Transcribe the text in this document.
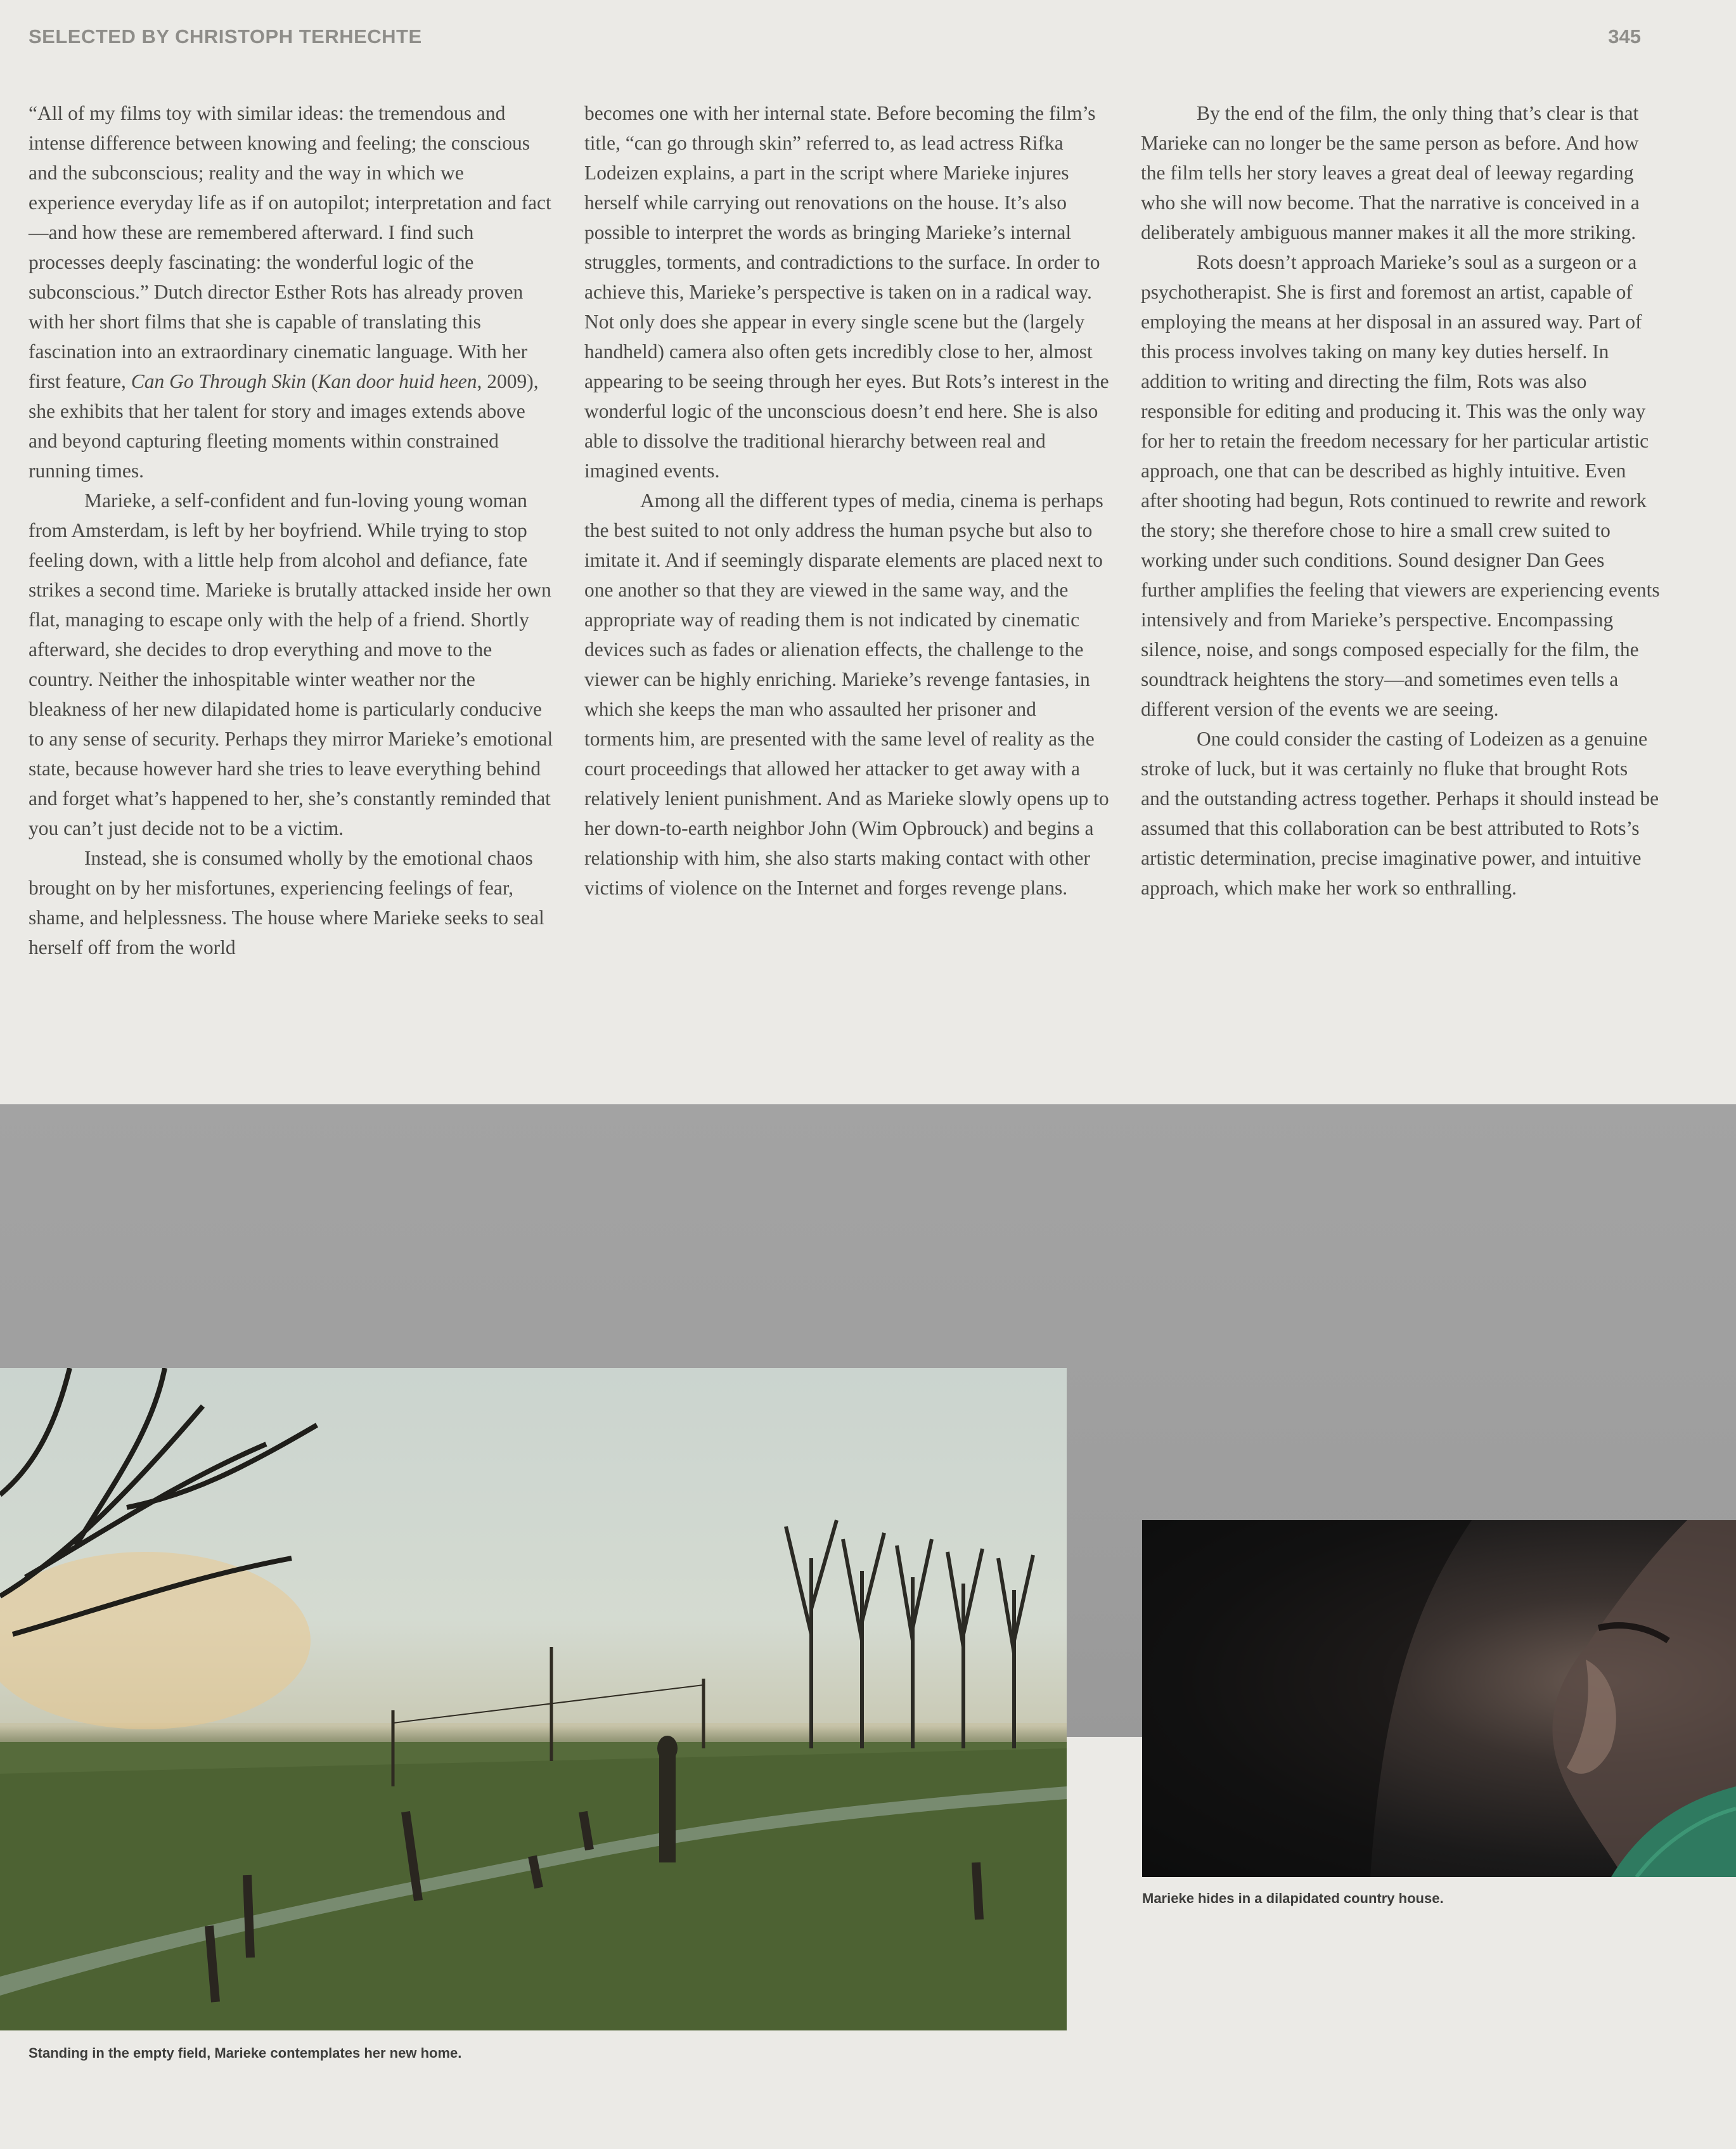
SELECTED BY CHRISTOPH TERHECHTE	345

“All of my films toy with similar ideas: the tremendous and intense difference between knowing and feeling; the conscious and the subconscious; reality and the way in which we experience everyday life as if on autopilot; interpretation and fact—and how these are remembered afterward. I find such processes deeply fascinating: the wonderful logic of the subconscious.” Dutch director Esther Rots has already proven with her short films that she is capable of translating this fascination into an extraordinary cinematic language. With her first feature, Can Go Through Skin (Kan door huid heen, 2009), she exhibits that her talent for story and images extends above and beyond capturing fleeting moments within constrained running times.

Marieke, a self-confident and fun-loving young woman from Amsterdam, is left by her boyfriend. While trying to stop feeling down, with a little help from alcohol and defiance, fate strikes a second time. Marieke is brutally attacked inside her own flat, managing to escape only with the help of a friend. Shortly afterward, she decides to drop everything and move to the country. Neither the inhospitable winter weather nor the bleakness of her new dilapidated home is particularly conducive to any sense of security. Perhaps they mirror Marieke’s emotional state, because however hard she tries to leave everything behind and forget what’s happened to her, she’s constantly reminded that you can’t just decide not to be a victim.

Instead, she is consumed wholly by the emotional chaos brought on by her misfortunes, experiencing feelings of fear, shame, and helplessness. The house where Marieke seeks to seal herself off from the world

becomes one with her internal state. Before becoming the film’s title, “can go through skin” referred to, as lead actress Rifka Lodeizen explains, a part in the script where Marieke injures herself while carrying out renovations on the house. It’s also possible to interpret the words as bringing Marieke’s internal struggles, torments, and contradictions to the surface. In order to achieve this, Marieke’s perspective is taken on in a radical way. Not only does she appear in every single scene but the (largely handheld) camera also often gets incredibly close to her, almost appearing to be seeing through her eyes. But Rots’s interest in the wonderful logic of the unconscious doesn’t end here. She is also able to dissolve the traditional hierarchy between real and imagined events.

Among all the different types of media, cinema is perhaps the best suited to not only address the human psyche but also to imitate it. And if seemingly disparate elements are placed next to one another so that they are viewed in the same way, and the appropriate way of reading them is not indicated by cinematic devices such as fades or alienation effects, the challenge to the viewer can be highly enriching. Marieke’s revenge fantasies, in which she keeps the man who assaulted her prisoner and torments him, are presented with the same level of reality as the court proceedings that allowed her attacker to get away with a relatively lenient punishment. And as Marieke slowly opens up to her down-to-earth neighbor John (Wim Opbrouck) and begins a relationship with him, she also starts making contact with other victims of violence on the Internet and forges revenge plans.

By the end of the film, the only thing that’s clear is that Marieke can no longer be the same person as before. And how the film tells her story leaves a great deal of leeway regarding who she will now become. That the narrative is conceived in a deliberately ambiguous manner makes it all the more striking.

Rots doesn’t approach Marieke’s soul as a surgeon or a psychotherapist. She is first and foremost an artist, capable of employing the means at her disposal in an assured way. Part of this process involves taking on many key duties herself. In addition to writing and directing the film, Rots was also responsible for editing and producing it. This was the only way for her to retain the freedom necessary for her particular artistic approach, one that can be described as highly intuitive. Even after shooting had begun, Rots continued to rewrite and rework the story; she therefore chose to hire a small crew suited to working under such conditions. Sound designer Dan Gees further amplifies the feeling that viewers are experiencing events intensively and from Marieke’s perspective. Encompassing silence, noise, and songs composed especially for the film, the soundtrack heightens the story—and sometimes even tells a different version of the events we are seeing.

One could consider the casting of Lodeizen as a genuine stroke of luck, but it was certainly no fluke that brought Rots and the outstanding actress together. Perhaps it should instead be assumed that this collaboration can be best attributed to Rots’s artistic determination, precise imaginative power, and intuitive approach, which make her work so enthralling.

Standing in the empty field, Marieke contemplates her new home.
Marieke hides in a dilapidated country house.
